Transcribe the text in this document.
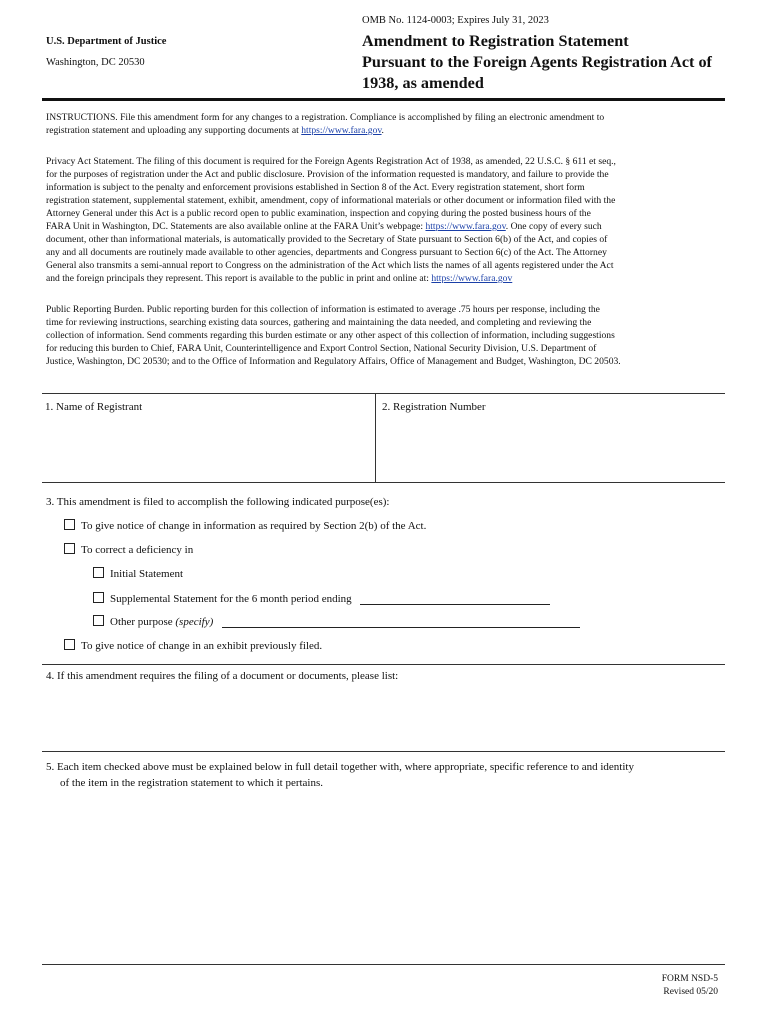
OMB No. 1124-0003; Expires July 31, 2023
U.S. Department of Justice
Washington, DC 20530
Amendment to Registration Statement
Pursuant to the Foreign Agents Registration Act of
1938, as amended
INSTRUCTIONS. File this amendment form for any changes to a registration. Compliance is accomplished by filing an electronic amendment to
registration statement and uploading any supporting documents at https://www.fara.gov.
Privacy Act Statement. The filing of this document is required for the Foreign Agents Registration Act of 1938, as amended, 22 U.S.C. § 611 et seq.,
for the purposes of registration under the Act and public disclosure. Provision of the information requested is mandatory, and failure to provide the
information is subject to the penalty and enforcement provisions established in Section 8 of the Act. Every registration statement, short form
registration statement, supplemental statement, exhibit, amendment, copy of informational materials or other document or information filed with the
Attorney General under this Act is a public record open to public examination, inspection and copying during the posted business hours of the
FARA Unit in Washington, DC. Statements are also available online at the FARA Unit’s webpage: https://www.fara.gov. One copy of every such
document, other than informational materials, is automatically provided to the Secretary of State pursuant to Section 6(b) of the Act, and copies of
any and all documents are routinely made available to other agencies, departments and Congress pursuant to Section 6(c) of the Act. The Attorney
General also transmits a semi-annual report to Congress on the administration of the Act which lists the names of all agents registered under the Act
and the foreign principals they represent. This report is available to the public in print and online at: https://www.fara.gov
Public Reporting Burden. Public reporting burden for this collection of information is estimated to average .75 hours per response, including the
time for reviewing instructions, searching existing data sources, gathering and maintaining the data needed, and completing and reviewing the
collection of information. Send comments regarding this burden estimate or any other aspect of this collection of information, including suggestions
for reducing this burden to Chief, FARA Unit, Counterintelligence and Export Control Section, National Security Division, U.S. Department of
Justice, Washington, DC 20530; and to the Office of Information and Regulatory Affairs, Office of Management and Budget, Washington, DC 20503.
1. Name of Registrant	2. Registration Number
3. This amendment is filed to accomplish the following indicated purpose(es):
To give notice of change in information as required by Section 2(b) of the Act.
To correct a deficiency in
Initial Statement
Supplemental Statement for the 6 month period ending
Other purpose (specify)
To give notice of change in an exhibit previously filed.
4. If this amendment requires the filing of a document or documents, please list:
5. Each item checked above must be explained below in full detail together with, where appropriate, specific reference to and identity
of the item in the registration statement to which it pertains.
FORM NSD-5
Revised 05/20
